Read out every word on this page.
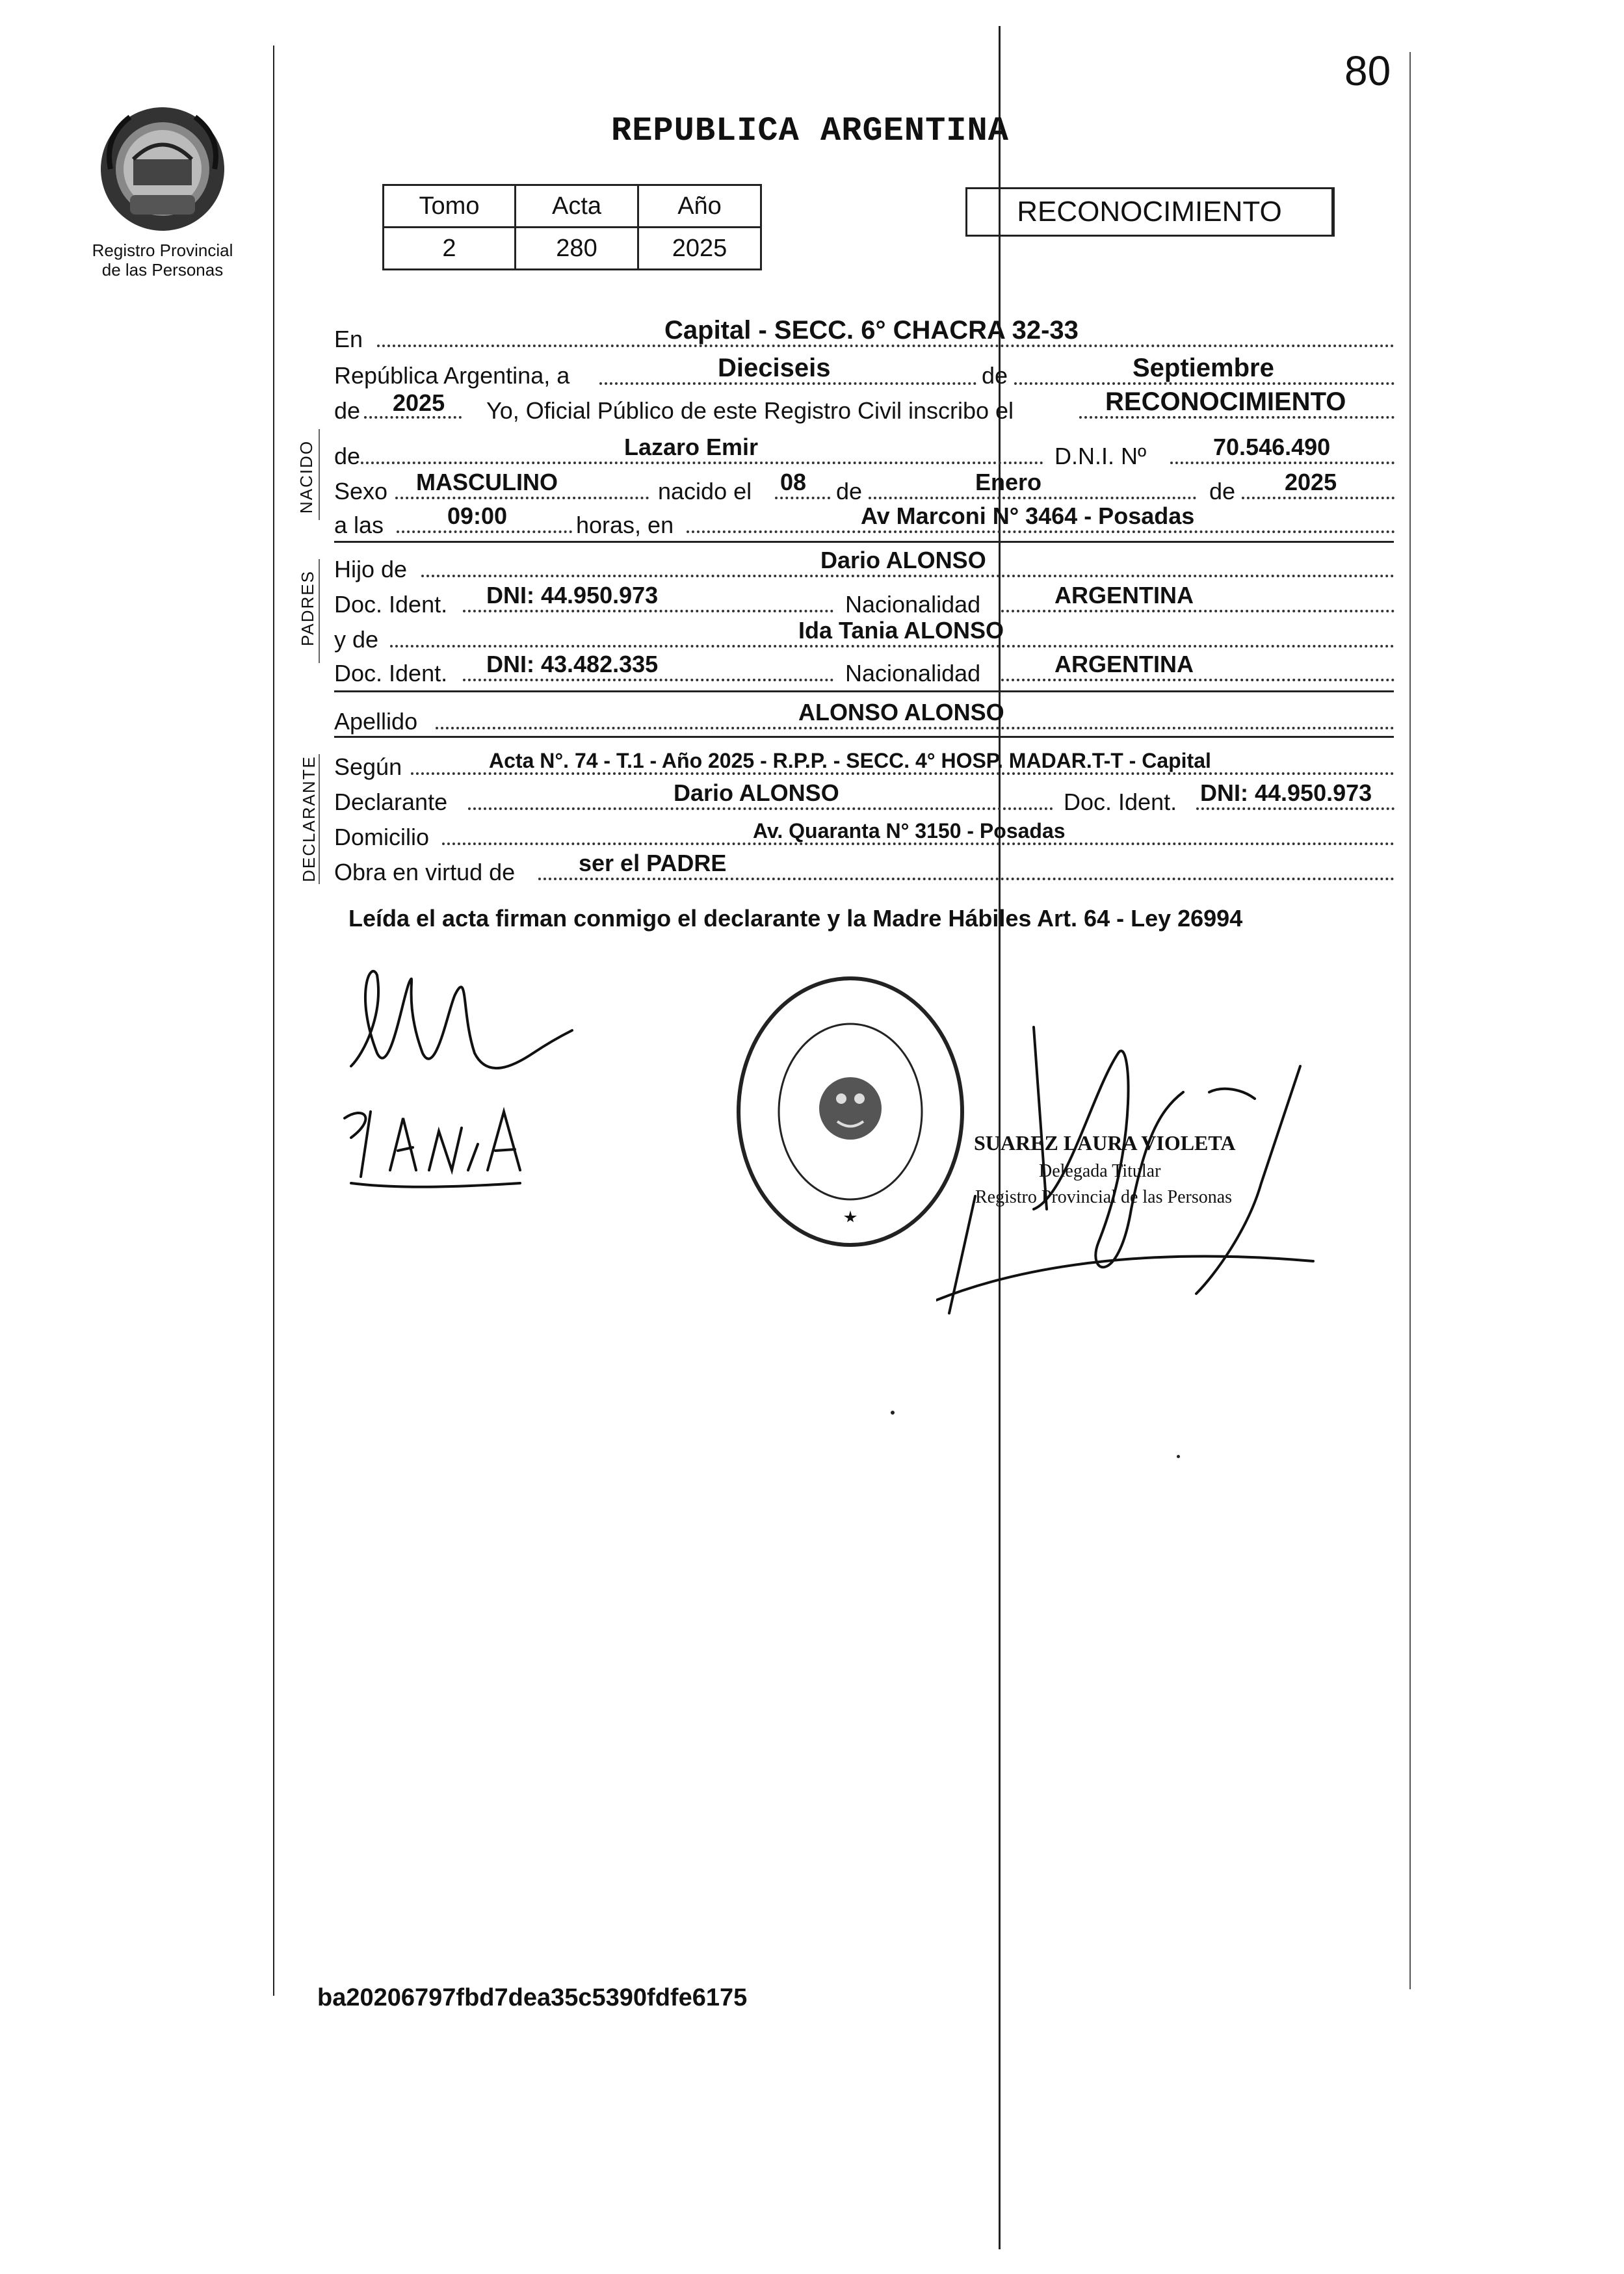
80
Registro Provincial
de las Personas
REPUBLICA ARGENTINA
Tomo	Acta	Año
2	280	2025
RECONOCIMIENTO
En	Capital - SECC. 6° CHACRA 32-33
República Argentina, a	Dieciseis	de	Septiembre
de 2025 Yo, Oficial Público de este Registro Civil inscribo el	RECONOCIMIENTO
NACIDO de	Lazaro Emir	D.N.I. Nº	70.546.490
Sexo MASCULINO	nacido el 08 de	Enero	de 2025
a las	09:00	horas, en	Av Marconi N° 3464 - Posadas
PADRES
Hijo de	Dario ALONSO
Doc. Ident. DNI: 44.950.973	Nacionalidad	ARGENTINA
y de	Ida Tania ALONSO
Doc. Ident. DNI: 43.482.335	Nacionalidad	ARGENTINA
Apellido	ALONSO ALONSO
DECLARANTE Según	Acta N°. 74 - T.1 - Año 2025 - R.P.P. - SECC. 4° HOSP. MADAR.T-T - Capital
Declarante	Dario ALONSO	Doc. Ident. DNI: 44.950.973
Domicilio	Av. Quaranta N° 3150 - Posadas
Obra en virtud de	ser el PADRE
Leída el acta firman conmigo el declarante y la Madre Hábiles Art. 64 - Ley 26994
SUAREZ LAURA VIOLETA
Delegada Titular
Registro Provincial de las Personas
ba20206797fbd7dea35c5390fdfe6175
